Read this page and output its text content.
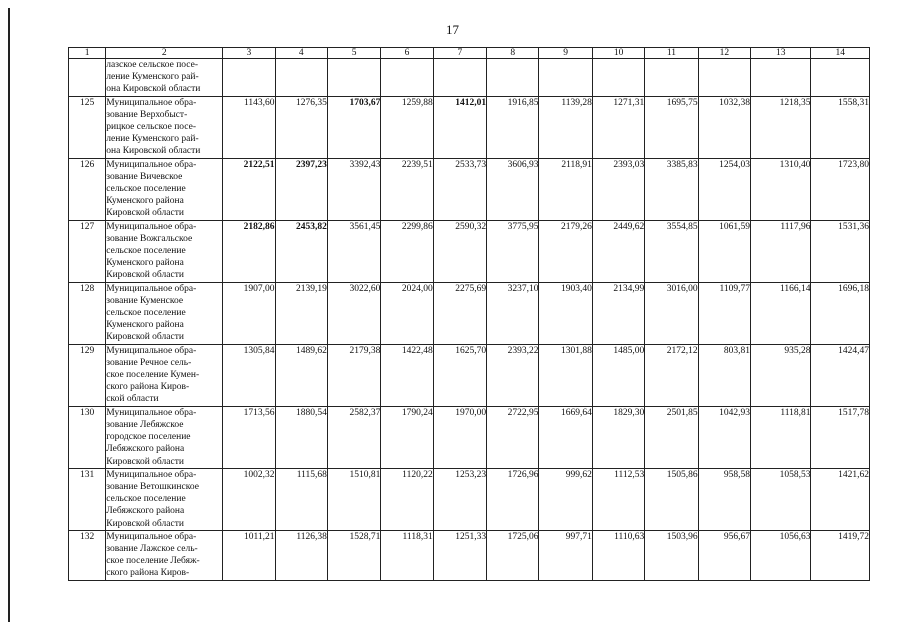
17
1	2	3	4	5	6	7	8	9	10	11	12	13	14

	лазское сельское посе-
ление Куменского рай-
она Кировской области												

125	Муниципальное обра-
зование Верхобыст-
рицкое сельское посе-
ление Куменского рай-
она Кировской области	1143,60	1276,35	1703,67	1259,88	1412,01	1916,85	1139,28	1271,31	1695,75	1032,38	1218,35	1558,31
126	Муниципальное обра-
зование Вичевское
сельское поселение
Куменского района
Кировской области	2122,51	2397,23	3392,43	2239,51	2533,73	3606,93	2118,91	2393,03	3385,83	1254,03	1310,40	1723,80
127	Муниципальное обра-
зование Вожгальское
сельское поселение
Куменского района
Кировской области	2182,86	2453,82	3561,45	2299,86	2590,32	3775,95	2179,26	2449,62	3554,85	1061,59	1117,96	1531,36
128	Муниципальное обра-
зование Куменское
сельское поселение
Куменского района
Кировской области	1907,00	2139,19	3022,60	2024,00	2275,69	3237,10	1903,40	2134,99	3016,00	1109,77	1166,14	1696,18
129	Муниципальное обра-
зование Речное сель-
ское поселение Кумен-
ского района Киров-
ской области	1305,84	1489,62	2179,38	1422,48	1625,70	2393,22	1301,88	1485,00	2172,12	803,81	935,28	1424,47
130	Муниципальное обра-
зование Лебяжское
городское поселение
Лебяжского района
Кировской области	1713,56	1880,54	2582,37	1790,24	1970,00	2722,95	1669,64	1829,30	2501,85	1042,93	1118,81	1517,78
131	Муниципальное обра-
зование Ветошкинское
сельское поселение
Лебяжского района
Кировской области	1002,32	1115,68	1510,81	1120,22	1253,23	1726,96	999,62	1112,53	1505,86	958,58	1058,53	1421,62
132	Муниципальное обра-
зование Лажское сель-
ское поселение Лебяж-
ского района Киров-	1011,21	1126,38	1528,71	1118,31	1251,33	1725,06	997,71	1110,63	1503,96	956,67	1056,63	1419,72
